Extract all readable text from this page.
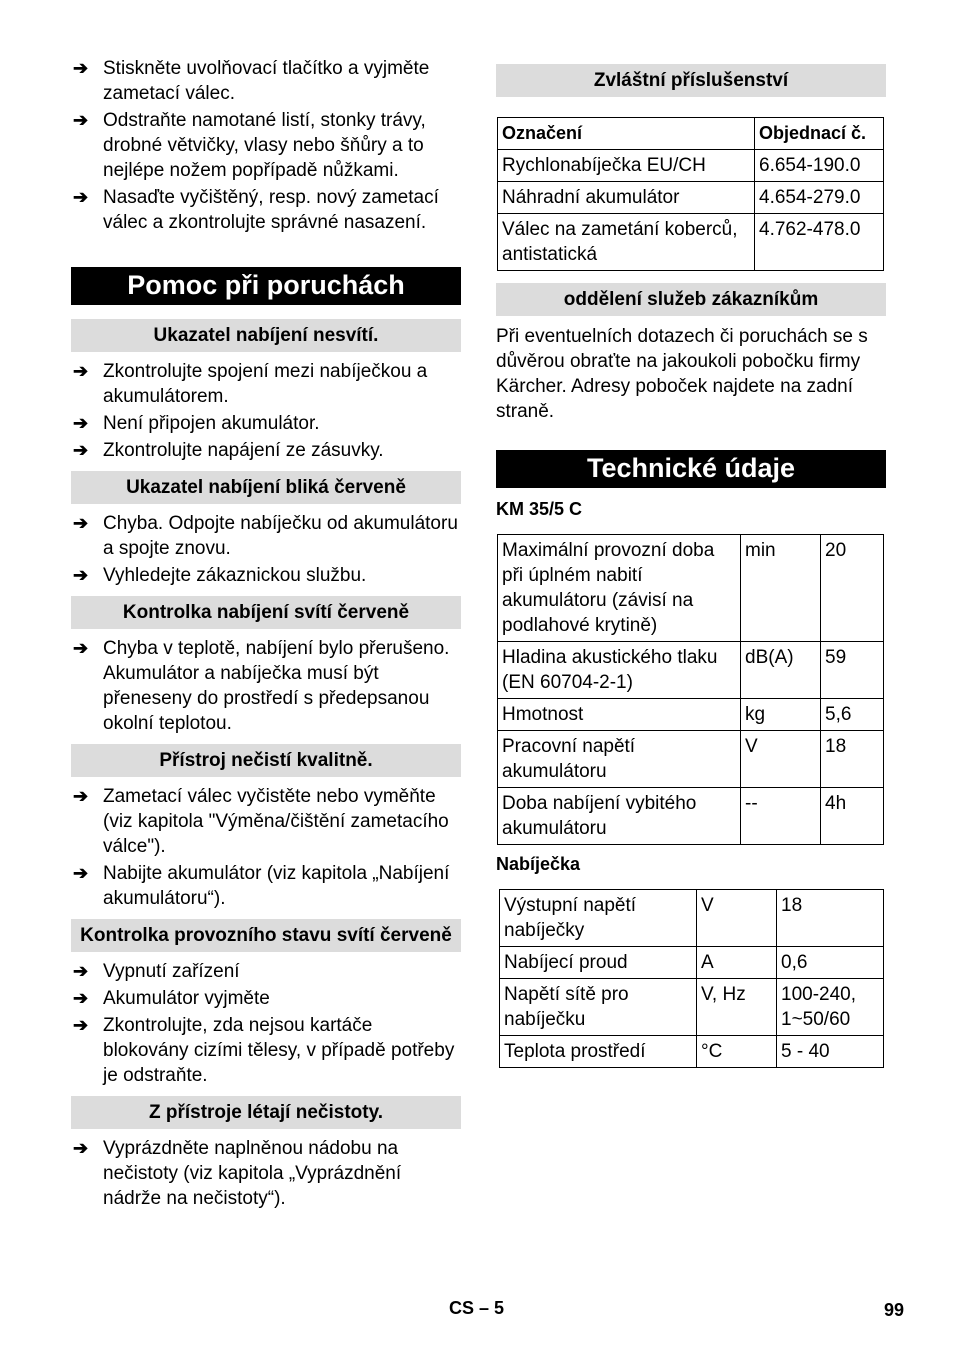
➔ Stiskněte uvolňovací tlačítko a vyjměte zametací válec.
➔ Odstraňte namotané listí, stonky trávy, drobné větvičky, vlasy nebo šňůry a to nejlépe nožem popřípadě nůžkami.
➔ Nasaďte vyčištěný, resp. nový zametací válec a zkontrolujte správné nasazení.
Pomoc při poruchách
Ukazatel nabíjení nesvítí.
➔ Zkontrolujte spojení mezi nabíječkou a akumulátorem.
➔ Není připojen akumulátor.
➔ Zkontrolujte napájení ze zásuvky.
Ukazatel nabíjení bliká červeně
➔ Chyba. Odpojte nabíječku od akumulátoru a spojte znovu.
➔ Vyhledejte zákaznickou službu.
Kontrolka nabíjení svítí červeně
➔ Chyba v teplotě, nabíjení bylo přerušeno. Akumulátor a nabíječka musí být přeneseny do prostředí s předepsanou okolní teplotou.
Přístroj nečistí kvalitně.
➔ Zametací válec vyčistěte nebo vyměňte (viz kapitola "Výměna/čištění zametacího válce").
➔ Nabijte akumulátor (viz kapitola „Nabíjení akumulátoru“).
Kontrolka provozního stavu svítí červeně
➔ Vypnutí zařízení
➔ Akumulátor vyjměte
➔ Zkontrolujte, zda nejsou kartáče blokovány cizími tělesy, v případě potřeby je odstraňte.
Z přístroje létají nečistoty.
➔ Vyprázdněte naplněnou nádobu na nečistoty (viz kapitola „Vyprázdnění nádrže na nečistoty“).
Zvláštní příslušenství
Označení	Objednací č.
Rychlonabíječka EU/CH	6.654-190.0
Náhradní akumulátor	4.654-279.0
Válec na zametání koberců, antistatická	4.762-478.0
oddělení služeb zákazníkům
Při eventuelních dotazech či poruchách se s důvěrou obraťte na jakoukoli pobočku firmy Kärcher. Adresy poboček najdete na zadní straně.
Technické údaje
KM 35/5 C
Maximální provozní doba při úplném nabití akumulátoru (závisí na podlahové krytině)	min	20
Hladina akustického tlaku (EN 60704-2-1)	dB(A)	59
Hmotnost	kg	5,6
Pracovní napětí akumulátoru	V	18
Doba nabíjení vybitého akumulátoru	--	4h
Nabíječka
Výstupní napětí nabíječky	V	18
Nabíjecí proud	A	0,6
Napětí sítě pro nabíječku	V, Hz	100-240, 1~50/60
Teplota prostředí	°C	5 - 40
CS – 5	99
